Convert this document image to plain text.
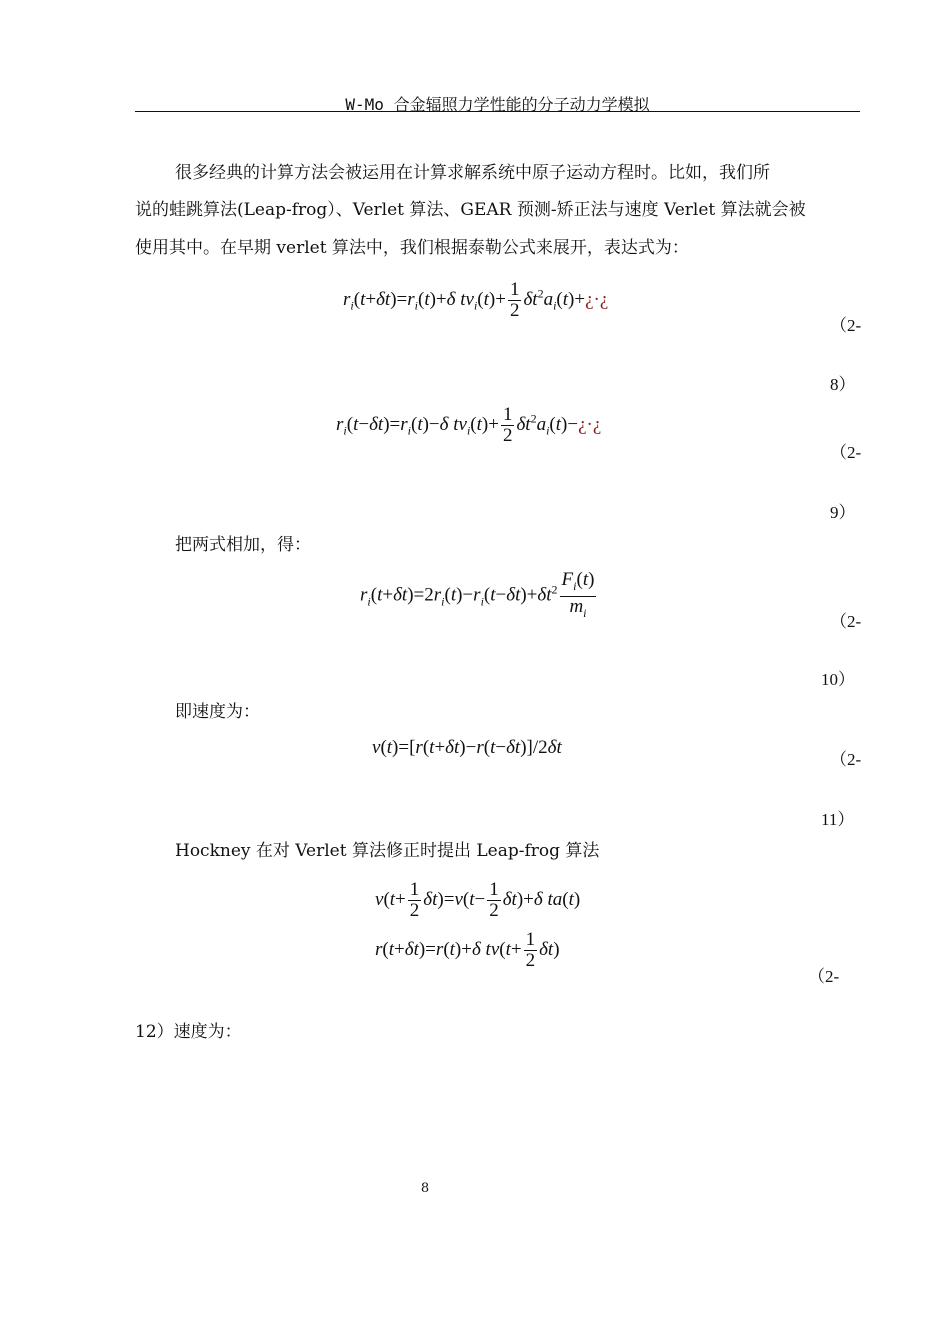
W-Mo 合金辐照力学性能的分子动力学模拟
很多经典的计算方法会被运用在计算求解系统中原子运动方程时。比如，我们所
说的蛙跳算法(Leap-frog）、Verlet 算法、GEAR 预测-矫正法与速度 Verlet 算法就会被
使用其中。在早期 verlet 算法中，我们根据泰勒公式来展开，表达式为：
$r_i(t+\delta t)=r_i(t)+\delta$ $tv_i(t)+ \frac{1}{2}$ $\delta t^2a_i(t)+¿\cdot¿$
（2-
8）
$r_i(t-\delta t)=r_i(t)-\delta$ $tv_i(t)+ \frac{1}{2}$ $\delta t^2a_i(t)-¿\cdot¿$
（2-
9）
把两式相加，得：
$r_i(t+\delta t)=2r_i(t)-r_i(t-\delta t)+\delta t^2 \frac{F_i(t)}{m_i}$	（2-
10）
即速度为：
v(t)=[r(t+δt)−r(t−δt)]/2δt
（2-
11）
Hockney 在对 Verlet 算法修正时提出 Leap-frog 算法
$v(t+ \frac{1}{2} \delta t)=v(t- \frac{1}{2} \delta t)+\delta$ ta(t)
r(t+δt)=r(t)+δ $tv(t+ \frac{1}{2} \delta t)$
（2-
12）速度为：
8
